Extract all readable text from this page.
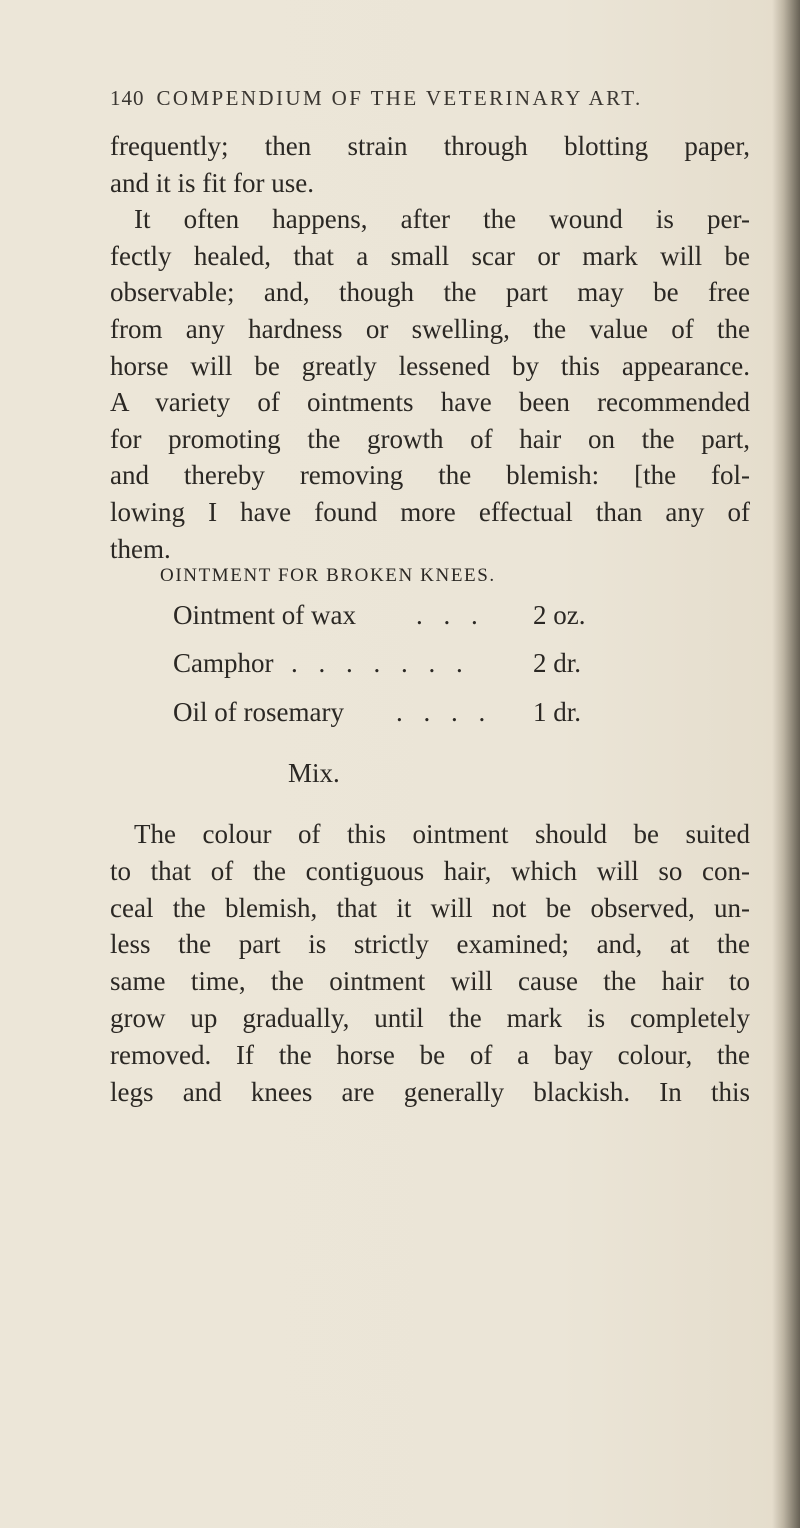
140 COMPENDIUM OF THE VETERINARY ART.
frequently; then strain through blotting paper,
and it is fit for use.
It often happens, after the wound is per-
fectly healed, that a small scar or mark will be
observable; and, though the part may be free
from any hardness or swelling, the value of the
horse will be greatly lessened by this appearance.
A variety of ointments have been recommended
for promoting the growth of hair on the part,
and thereby removing the blemish: [the fol-
lowing I have found more effectual than any of
them.
OINTMENT FOR BROKEN KNEES.
Ointment of wax . . . 2 oz.
Camphor . . . . . . . 2 dr.
Oil of rosemary . . . . 1 dr.
Mix.
The colour of this ointment should be suited
to that of the contiguous hair, which will so con-
ceal the blemish, that it will not be observed, un-
less the part is strictly examined; and, at the
same time, the ointment will cause the hair to
grow up gradually, until the mark is completely
removed. If the horse be of a bay colour, the
legs and knees are generally blackish. In this
